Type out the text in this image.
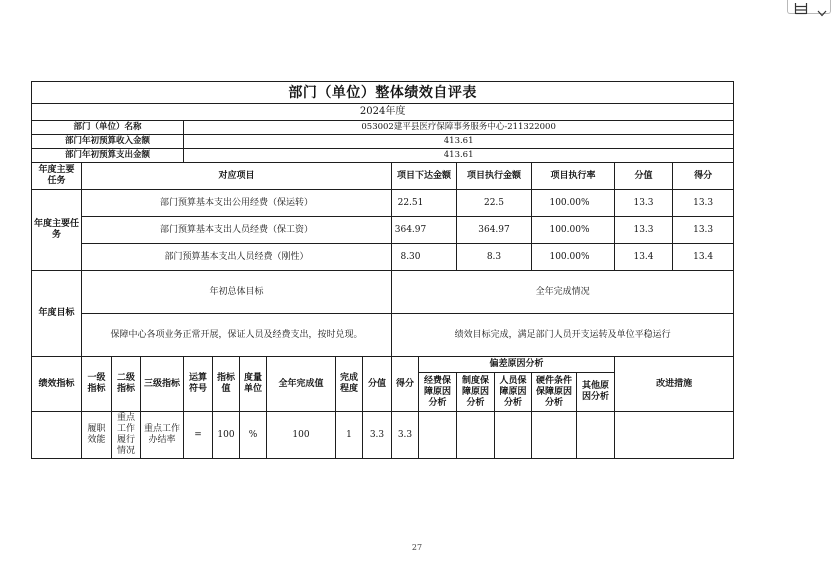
部门（单位）整体绩效自评表																	
2024年度																	
部门（单位）名称				053002建平县医疗保障事务服务中心-211322000													
部门年初预算收入金额				413.61													
部门年初预算支出金额				413.61													
年度主要任务	对应项目									项目下达金额		项目执行金额		项目执行率		分值	得分
年度主要任务	部门预算基本支出公用经费（保运转）									22.51		22.5		100.00%		13.3	13.3
	部门预算基本支出人员经费（保工资）									364.97		364.97		100.00%		13.3	13.3
	部门预算基本支出人员经费（刚性）									8.30		8.3		100.00%		13.4	13.4
年度目标	年初总体目标									全年完成情况							
	保障中心各项业务正常开展，保证人员及经费支出，按时兑现。									绩效目标完成，满足部门人员开支运转及单位平稳运行							
绩效指标	一级指标	二级指标	三级指标	运算符号	指标值	度量单位	全年完成值	完成程度	分值	得分	偏差原因分析					改进措施	
											经费保障原因分析	制度保障原因分析	人员保障原因分析	硬件条件保障原因分析	其他原因分析		
	履职效能	重点工作履行情况	重点工作办结率	=	100	%	100	1	3.3	3.3							
27
